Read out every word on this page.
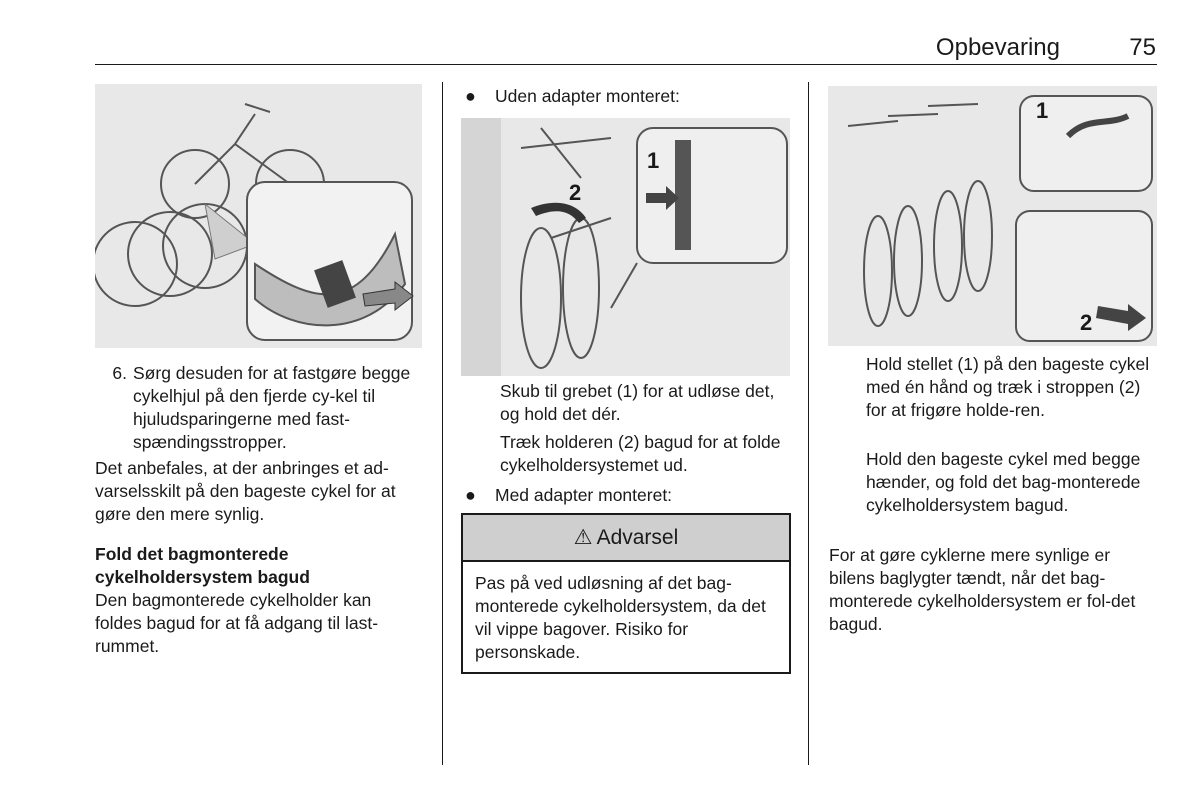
Opbevaring	75
6. Sørg desuden for at fastgøre begge cykelhjul på den fjerde cy-kel til hjuludsparingerne med fast-spændingsstropper.

Det anbefales, at der anbringes et ad-varselsskilt på den bageste cykel for at gøre den mere synlig.

Fold det bagmonterede cykelholdersystem bagud

Den bagmonterede cykelholder kan foldes bagud for at få adgang til last-rummet.

●	Uden adapter monteret:
1
2

Skub til grebet (1) for at udløse det, og hold det dér.

Træk holderen (2) bagud for at folde cykelholdersystemet ud.

●	Med adapter monteret:
⚠ Advarsel
Pas på ved udløsning af det bag-monterede cykelholdersystem, da det vil vippe bagover. Risiko for personskade.
1
2

Hold stellet (1) på den bageste cykel med én hånd og træk i stroppen (2) for at frigøre holde-ren.

Hold den bageste cykel med begge hænder, og fold det bag-monterede cykelholdersystem bagud.

For at gøre cyklerne mere synlige er bilens baglygter tændt, når det bag-monterede cykelholdersystem er fol-det bagud.
